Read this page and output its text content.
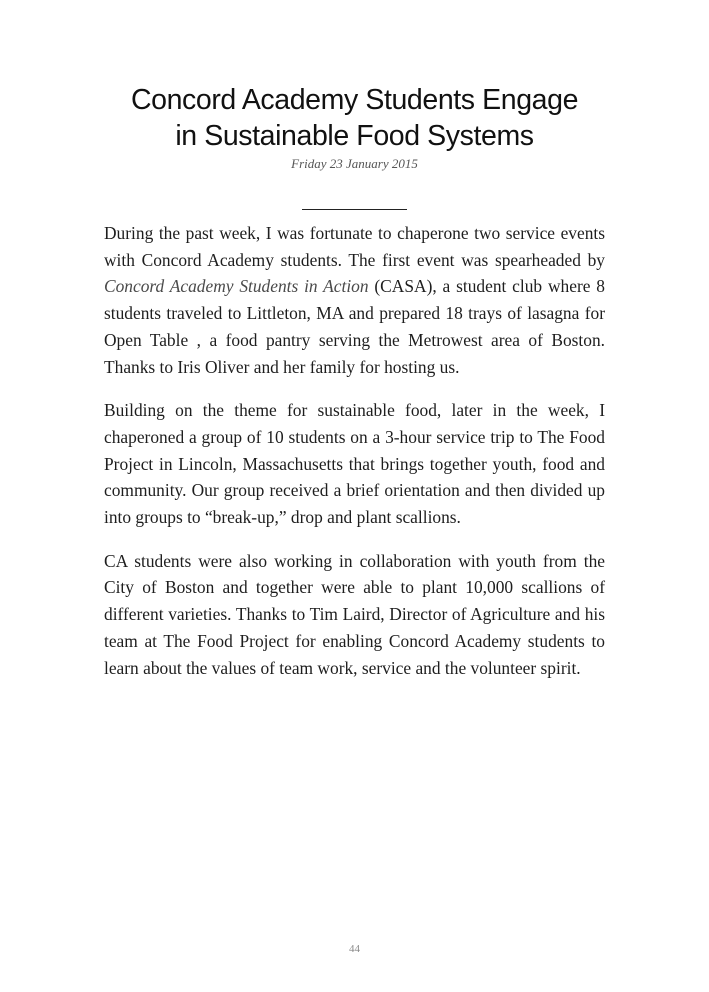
Concord Academy Students Engage
in Sustainable Food Systems
Friday 23 January 2015

During the past week, I was fortunate to chaperone two service events with Concord Academy students. The first event was spearheaded by Concord Academy Students in Action (CASA), a student club where 8 students traveled to Littleton, MA and prepared 18 trays of lasagna for Open Table , a food pantry serving the Metrowest area of Boston. Thanks to Iris Oliver and her family for hosting us.

Building on the theme for sustainable food, later in the week, I chaperoned a group of 10 students on a 3-hour service trip to The Food Project in Lincoln, Massachusetts that brings together youth, food and community. Our group received a brief orientation and then divided up into groups to “break-up,” drop and plant scallions.

CA students were also working in collaboration with youth from the City of Boston and together were able to plant 10,000 scallions of different varieties. Thanks to Tim Laird, Director of Agriculture and his team at The Food Project for enabling Concord Academy students to learn about the values of team work, service and the volunteer spirit.

44
